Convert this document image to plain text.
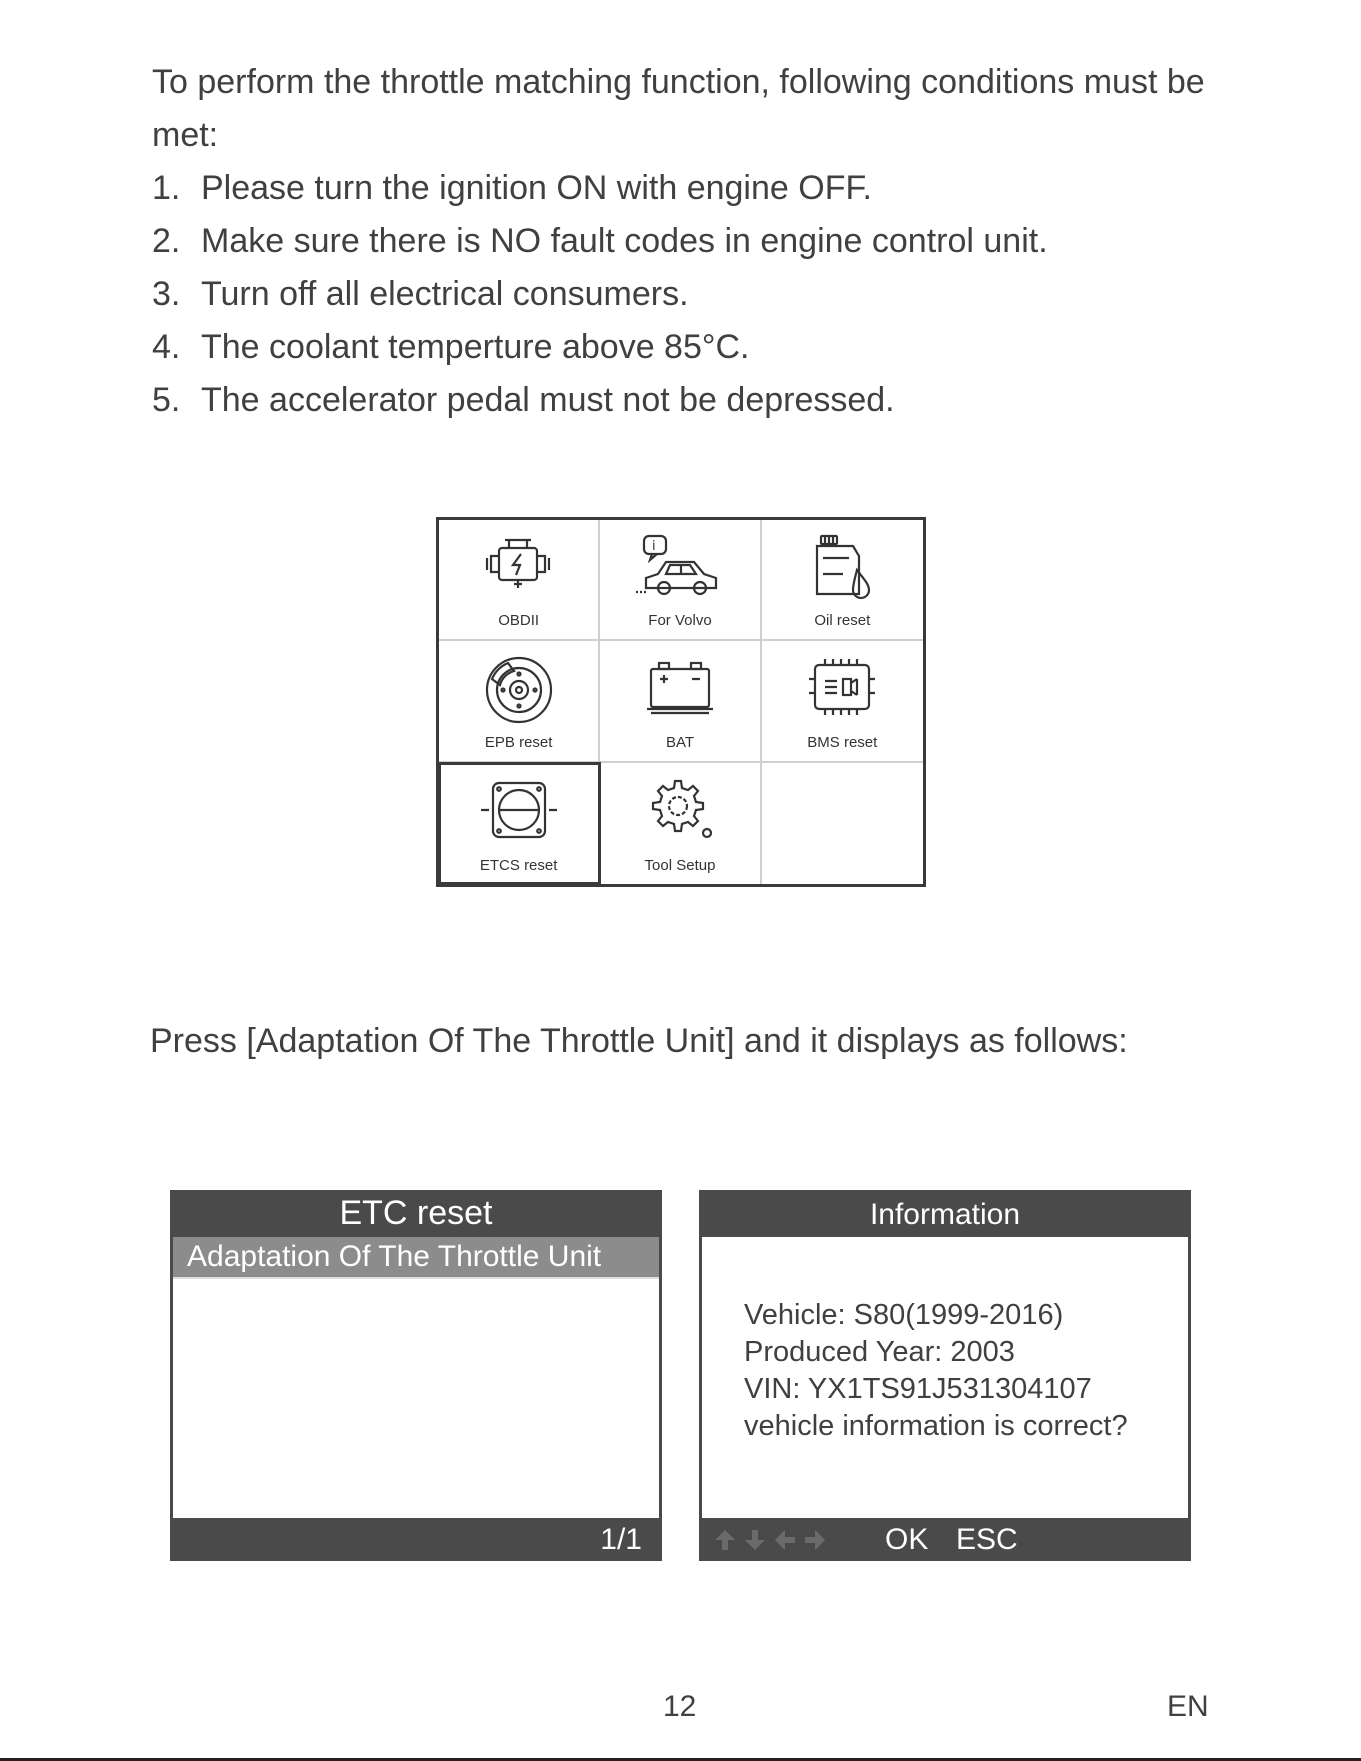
To perform the throttle matching function, following conditions must be met:
1. Please turn the ignition ON with engine OFF.
2. Make sure there is NO fault codes in engine control unit.
3. Turn off all electrical consumers.
4. The coolant temperture above 85°C.
5. The accelerator pedal must not be depressed.
OBDII
i
For Volvo	Oil reset
EPB reset	BAT	BMS reset
ETCS reset	Tool Setup

Press [Adaptation Of The Throttle Unit] and it displays as follows:

ETC reset
Adaptation Of The Throttle Unit
1/1
Information
Vehicle: S80(1999-2016)
Produced Year: 2003
VIN: YX1TS91J531304107
vehicle information is correct?
OK ESC
12	EN
